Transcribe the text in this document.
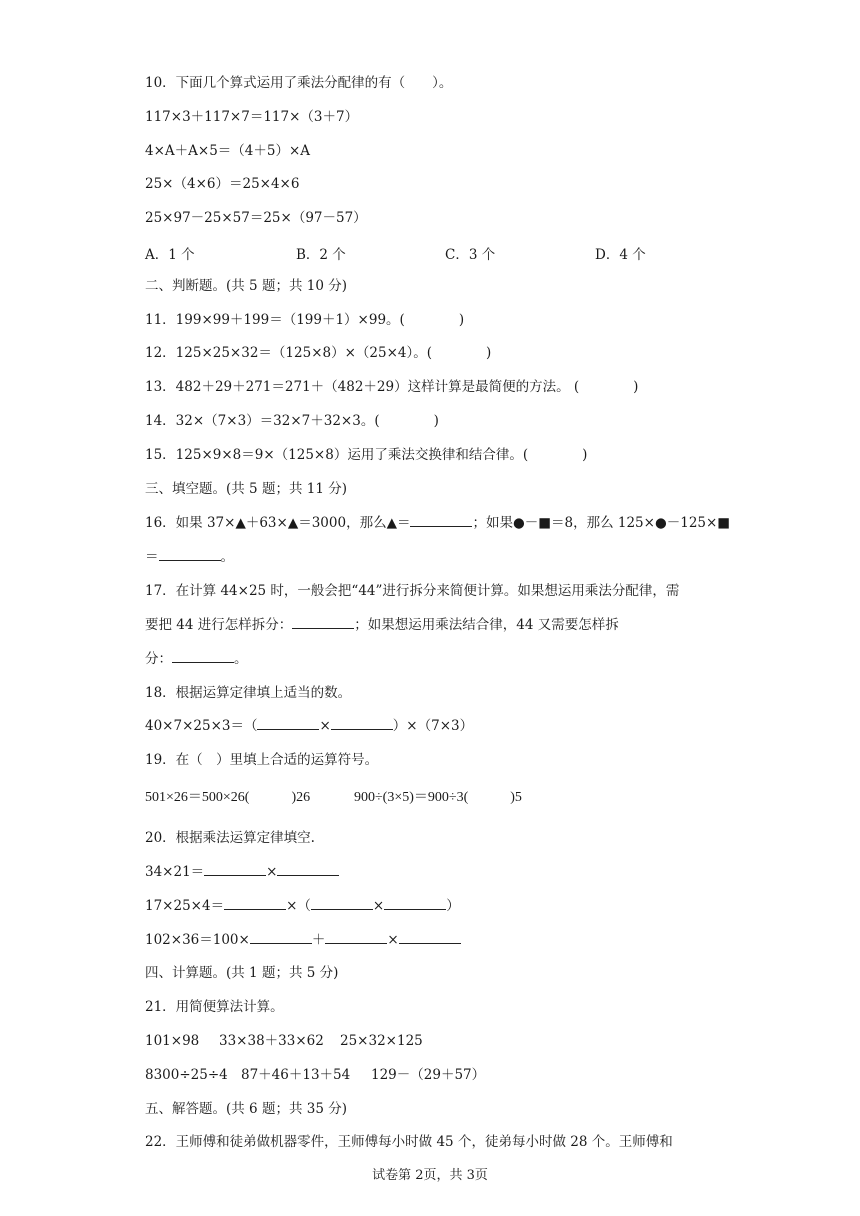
10．下面几个算式运用了乘法分配律的有（　　）。
117×3＋117×7＝117×（3＋7）
4×A＋A×5＝（4＋5）×A
25×（4×6）＝25×4×6
25×97－25×57＝25×（97－57）
A．1 个	B．2 个	C．3 个	D．4 个
二、判断题。(共 5 题；共 10 分)
11．199×99＋199＝（199＋1）×99。(　　　　)
12．125×25×32＝（125×8）×（25×4）。(　　　　)
13．482＋29＋271＝271＋（482＋29）这样计算是最简便的方法。 (　　　　)
14．32×（7×3）＝32×7＋32×3。(　　　　)
15．125×9×8＝9×（125×8）运用了乘法交换律和结合律。(　　　　)
三、填空题。(共 5 题；共 11 分)
16．如果 37×▲＋63×▲＝3000，那么▲＝	；如果●－■＝8，那么 125×●－125×■
＝	。
17．在计算 44×25 时，一般会把“44”进行拆分来简便计算。如果想运用乘法分配律，需
要把 44 进行怎样拆分：	；如果想运用乘法结合律，44 又需要怎样拆
分：	。
18．根据运算定律填上适当的数。
40×7×25×3＝（	×	）×（7×3）
19．在（　）里填上合适的运算符号。
501×26＝500×26(　　　)26	900÷(3×5)＝900÷3(　　　)5
20．根据乘法运算定律填空.
34×21＝	×
17×25×4＝	×（	×	）
102×36＝100×	＋	×
四、计算题。(共 1 题；共 5 分)
21．用简便算法计算。
101×98 33×38＋33×62 25×32×125
8300÷25÷4 87＋46＋13＋54 129－（29＋57）
五、解答题。(共 6 题；共 35 分)
22．王师傅和徒弟做机器零件，王师傅每小时做 45 个，徒弟每小时做 28 个。王师傅和
试卷第 2页，共 3页
